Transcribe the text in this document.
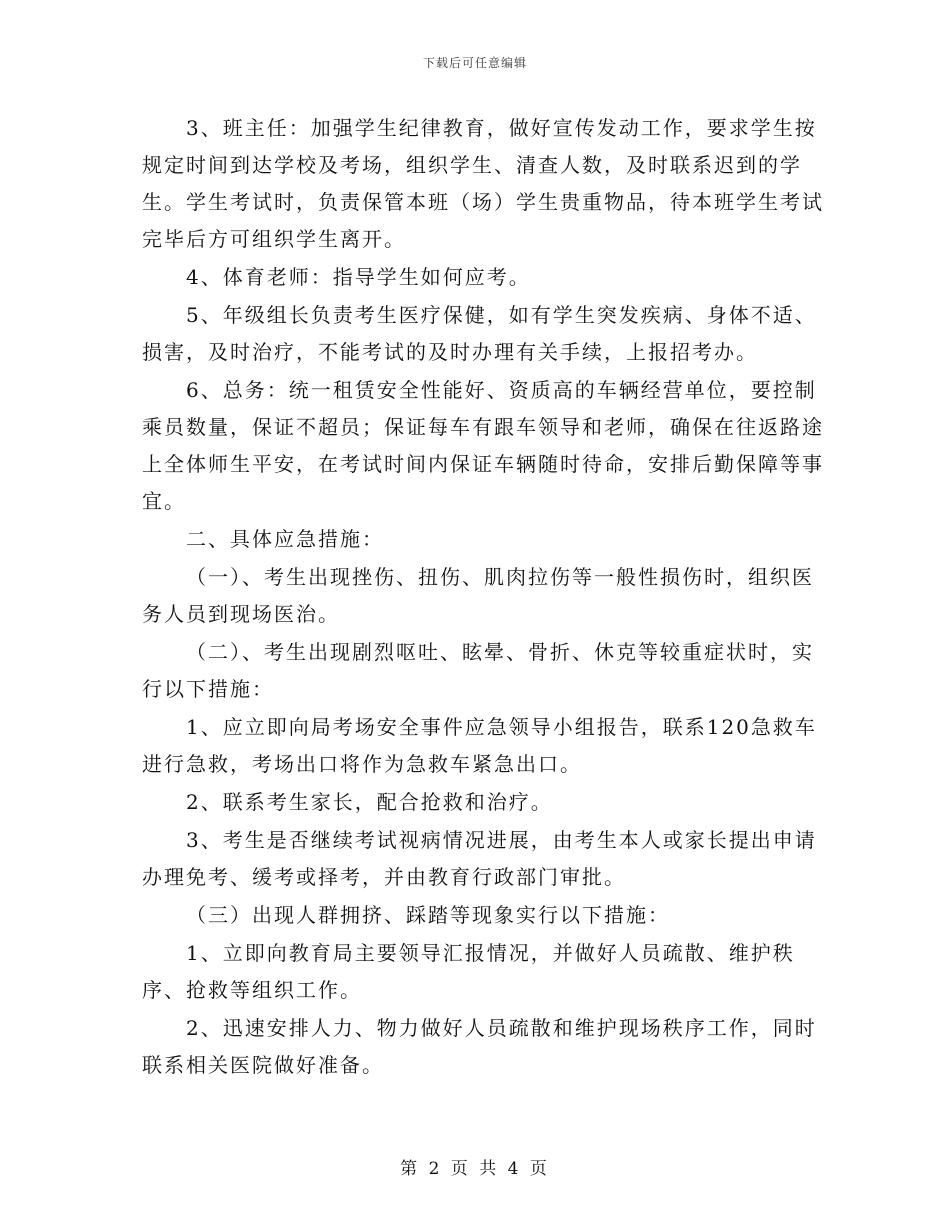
下载后可任意编辑

3、班主任：加强学生纪律教育，做好宣传发动工作，要求学生按规定时间到达学校及考场，组织学生、清查人数，及时联系迟到的学生。学生考试时，负责保管本班（场）学生贵重物品，待本班学生考试完毕后方可组织学生离开。

4、体育老师：指导学生如何应考。

5、年级组长负责考生医疗保健，如有学生突发疾病、身体不适、损害，及时治疗，不能考试的及时办理有关手续，上报招考办。

6、总务：统一租赁安全性能好、资质高的车辆经营单位，要控制乘员数量，保证不超员；保证每车有跟车领导和老师，确保在往返路途上全体师生平安，在考试时间内保证车辆随时待命，安排后勤保障等事宜。

二、具体应急措施：

（一）、考生出现挫伤、扭伤、肌肉拉伤等一般性损伤时，组织医务人员到现场医治。

（二）、考生出现剧烈呕吐、眩晕、骨折、休克等较重症状时，实行以下措施：

1、应立即向局考场安全事件应急领导小组报告，联系120急救车进行急救，考场出口将作为急救车紧急出口。

2、联系考生家长，配合抢救和治疗。

3、考生是否继续考试视病情况进展，由考生本人或家长提出申请办理免考、缓考或择考，并由教育行政部门审批。

（三）出现人群拥挤、踩踏等现象实行以下措施：

1、立即向教育局主要领导汇报情况，并做好人员疏散、维护秩序、抢救等组织工作。

2、迅速安排人力、物力做好人员疏散和维护现场秩序工作，同时联系相关医院做好准备。

第 2 页 共 4 页
